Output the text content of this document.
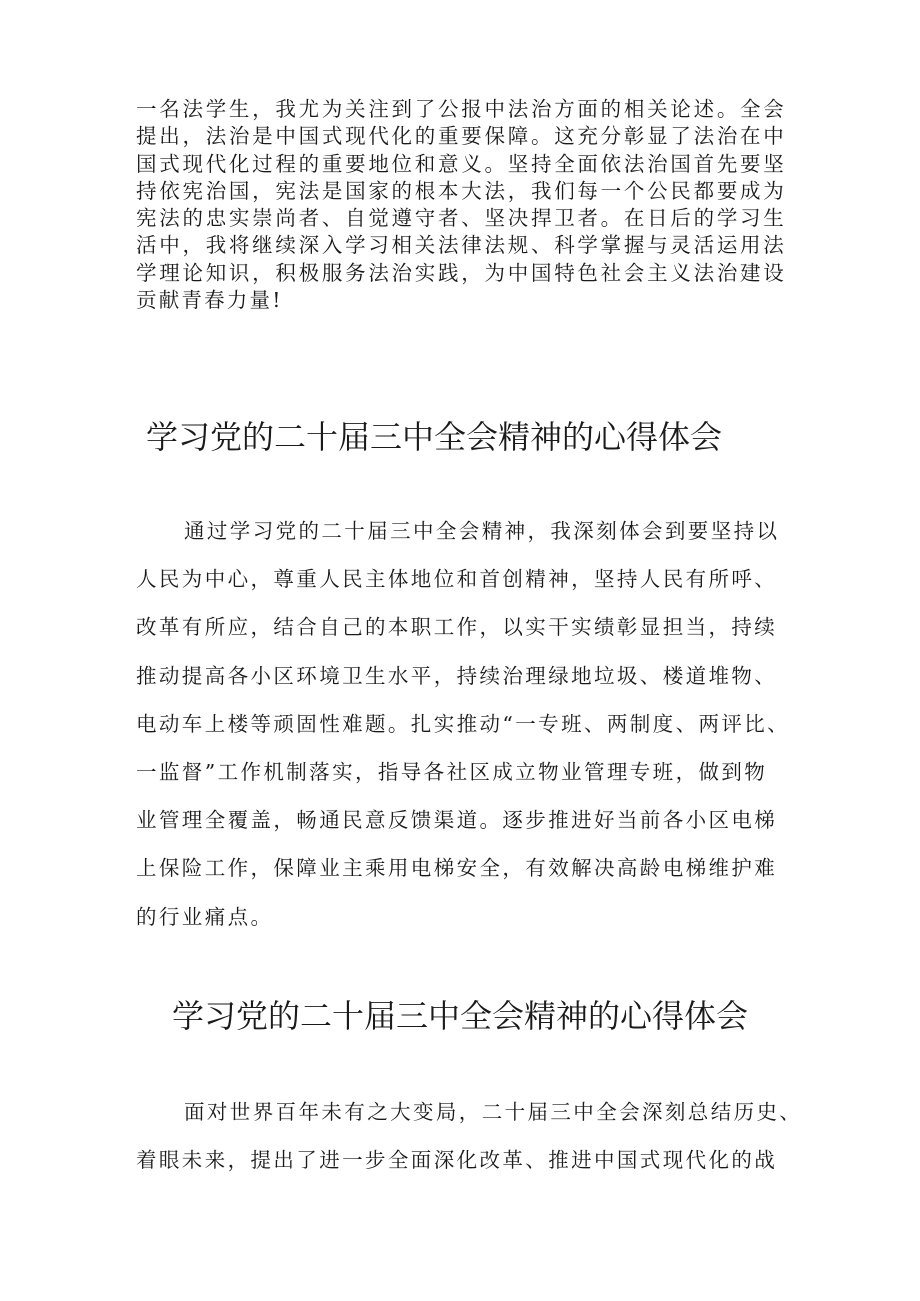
一名法学生，我尤为关注到了公报中法治方面的相关论述。全会提出，法治是中国式现代化的重要保障。这充分彰显了法治在中国式现代化过程的重要地位和意义。坚持全面依法治国首先要坚持依宪治国，宪法是国家的根本大法，我们每一个公民都要成为宪法的忠实崇尚者、自觉遵守者、坚决捍卫者。在日后的学习生活中，我将继续深入学习相关法律法规、科学掌握与灵活运用法学理论知识，积极服务法治实践，为中国特色社会主义法治建设贡献青春力量!

学习党的二十届三中全会精神的心得体会
通过学习党的二十届三中全会精神，我深刻体会到要坚持以
人民为中心，尊重人民主体地位和首创精神，坚持人民有所呼、
改革有所应，结合自己的本职工作，以实干实绩彰显担当，持续
推动提高各小区环境卫生水平，持续治理绿地垃圾、楼道堆物、
电动车上楼等顽固性难题。扎实推动“一专班、两制度、两评比、
一监督”工作机制落实，指导各社区成立物业管理专班，做到物
业管理全覆盖，畅通民意反馈渠道。逐步推进好当前各小区电梯
上保险工作，保障业主乘用电梯安全，有效解决高龄电梯维护难
的行业痛点。
学习党的二十届三中全会精神的心得体会
面对世界百年未有之大变局，二十届三中全会深刻总结历史、
着眼未来，提出了进一步全面深化改革、推进中国式现代化的战
